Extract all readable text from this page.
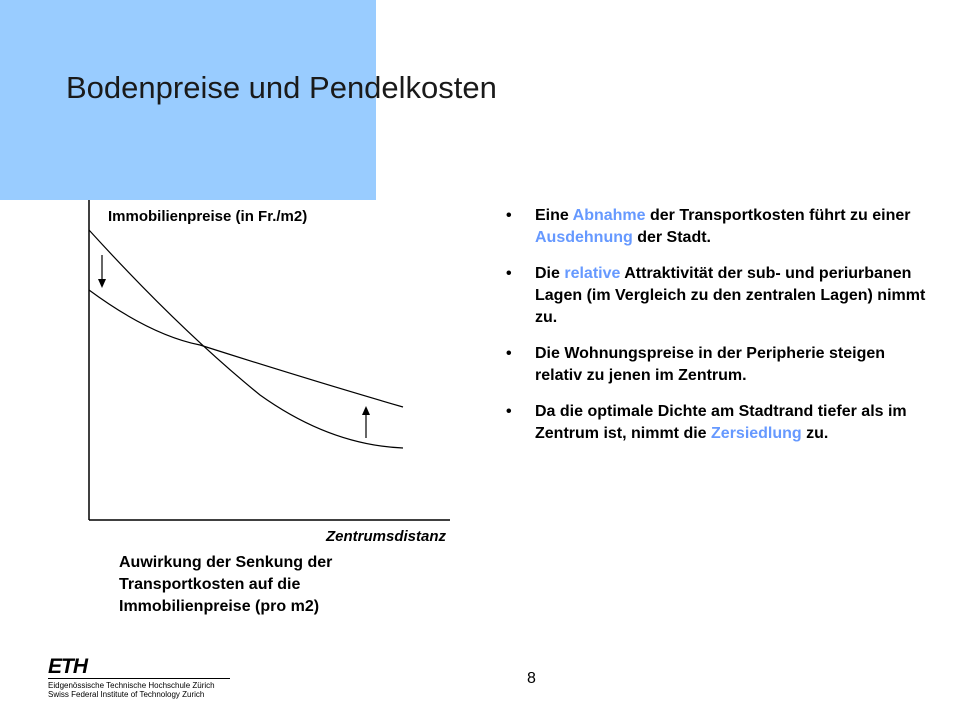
Bodenpreise und Pendelkosten
Immobilienpreise (in Fr./m2)
Zentrumsdistanz
Auwirkung der Senkung der
Transportkosten auf die
Immobilienpreise (pro m2)
• Eine Abnahme der Transportkosten führt zu einer Ausdehnung der Stadt.
• Die relative Attraktivität der sub- und periurbanen Lagen (im Vergleich zu den zentralen Lagen) nimmt zu.
• Die Wohnungspreise in der Peripherie steigen relativ zu jenen im Zentrum.
• Da die optimale Dichte am Stadtrand tiefer als im Zentrum ist, nimmt die Zersiedlung zu.
ETH
Eidgenössische Technische Hochschule Zürich
Swiss Federal Institute of Technology Zurich
8
